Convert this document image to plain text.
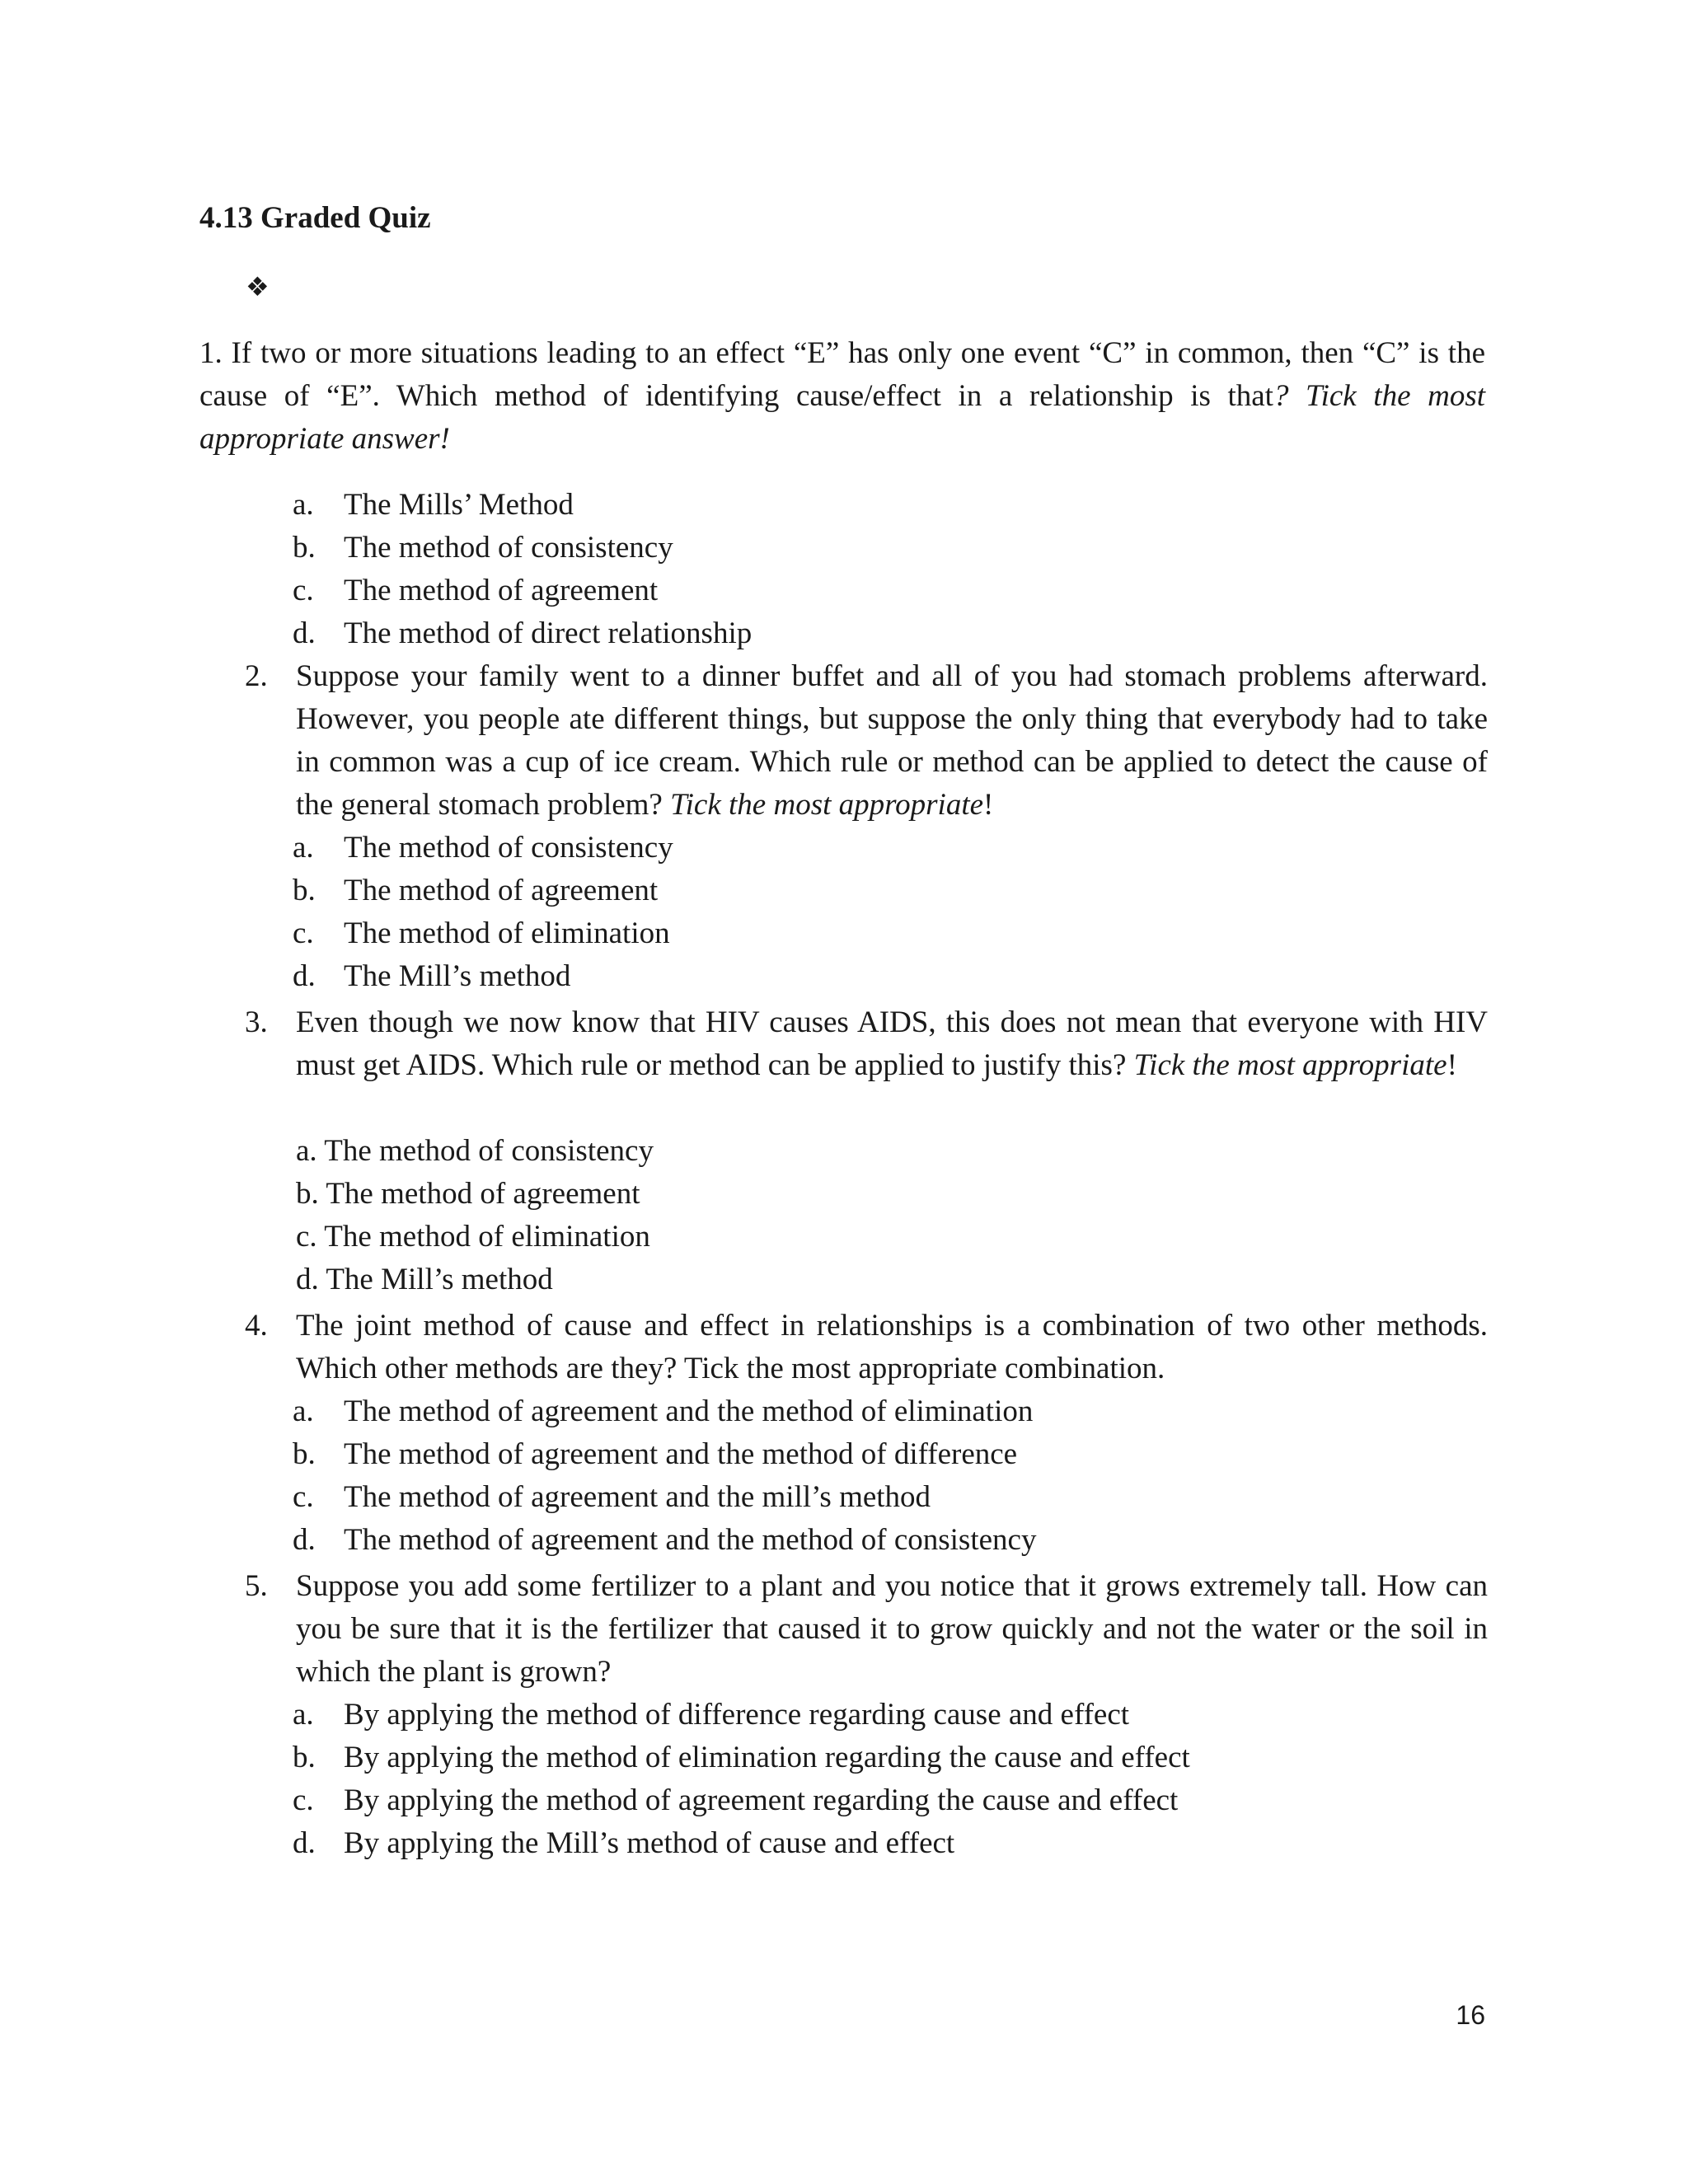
4.13 Graded Quiz
❖
1. If two or more situations leading to an effect “E” has only one event “C” in common, then “C” is the cause of “E”. Which method of identifying cause/effect in a relationship is that? Tick the most appropriate answer!
a. The Mills’ Method
b. The method of consistency
c. The method of agreement
d. The method of direct relationship
2. Suppose your family went to a dinner buffet and all of you had stomach problems afterward. However, you people ate different things, but suppose the only thing that everybody had to take in common was a cup of ice cream. Which rule or method can be applied to detect the cause of the general stomach problem? Tick the most appropriate!
a. The method of consistency
b. The method of agreement
c. The method of elimination
d. The Mill’s method
3. Even though we now know that HIV causes AIDS, this does not mean that everyone with HIV must get AIDS. Which rule or method can be applied to justify this? Tick the most appropriate!
a. The method of consistency
b. The method of agreement
c. The method of elimination
d. The Mill’s method
4. The joint method of cause and effect in relationships is a combination of two other methods. Which other methods are they? Tick the most appropriate combination.
a. The method of agreement and the method of elimination
b. The method of agreement and the method of difference
c. The method of agreement and the mill’s method
d. The method of agreement and the method of consistency
5. Suppose you add some fertilizer to a plant and you notice that it grows extremely tall. How can you be sure that it is the fertilizer that caused it to grow quickly and not the water or the soil in which the plant is grown?
a. By applying the method of difference regarding cause and effect
b. By applying the method of elimination regarding the cause and effect
c. By applying the method of agreement regarding the cause and effect
d. By applying the Mill’s method of cause and effect
16
